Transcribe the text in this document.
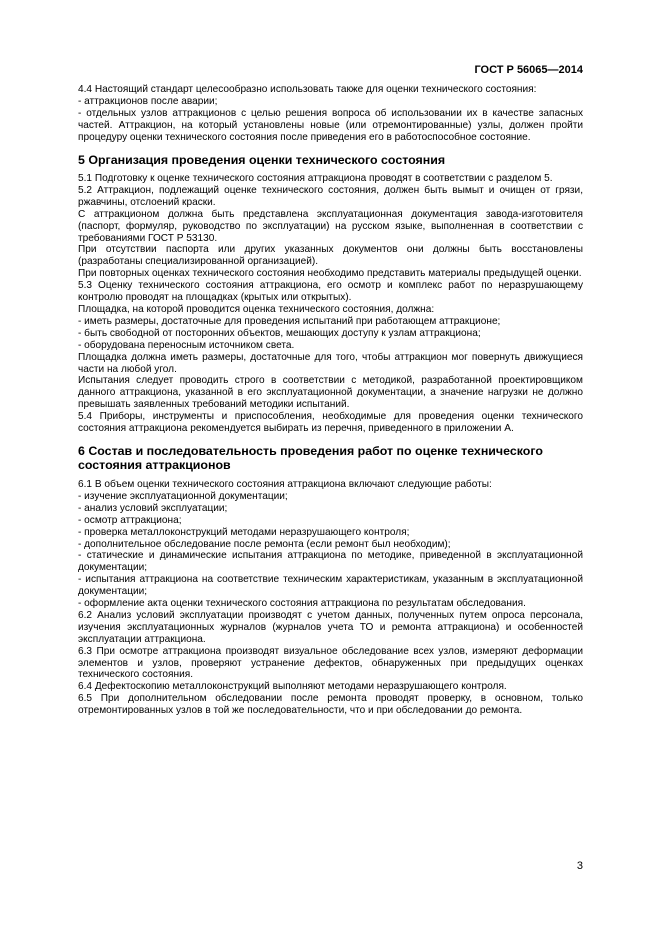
ГОСТ Р 56065—2014

4.4 Настоящий стандарт целесообразно использовать также для оценки технического состояния:

- аттракционов после аварии;

- отдельных узлов аттракционов с целью решения вопроса об использовании их в качестве запасных частей. Аттракцион, на который установлены новые (или отремонтированные) узлы, должен пройти процедуру оценки технического состояния после приведения его в работоспособное состояние.

5 Организация проведения оценки технического состояния

5.1 Подготовку к оценке технического состояния аттракциона проводят в соответствии с разделом 5.

5.2 Аттракцион, подлежащий оценке технического состояния, должен быть вымыт и очищен от грязи, ржавчины, отслоений краски.

С аттракционом должна быть представлена эксплуатационная документация завода-изготовителя (паспорт, формуляр, руководство по эксплуатации) на русском языке, выполненная в соответствии с требованиями ГОСТ Р 53130.

При отсутствии паспорта или других указанных документов они должны быть восстановлены (разработаны специализированной организацией).

При повторных оценках технического состояния необходимо представить материалы предыдущей оценки.

5.3 Оценку технического состояния аттракциона, его осмотр и комплекс работ по неразрушающему контролю проводят на площадках (крытых или открытых).

Площадка, на которой проводится оценка технического состояния, должна:

- иметь размеры, достаточные для проведения испытаний при работающем аттракционе;

- быть свободной от посторонних объектов, мешающих доступу к узлам аттракциона;

- оборудована переносным источником света.

Площадка должна иметь размеры, достаточные для того, чтобы аттракцион мог повернуть движущиеся части на любой угол.

Испытания следует проводить строго в соответствии с методикой, разработанной проектировщиком данного аттракциона, указанной в его эксплуатационной документации, а значение нагрузки не должно превышать заявленных требований методики испытаний.

5.4 Приборы, инструменты и приспособления, необходимые для проведения оценки технического состояния аттракциона рекомендуется выбирать из перечня, приведенного в приложении А.

6 Состав и последовательность проведения работ по оценке технического состояния аттракционов

6.1 В объем оценки технического состояния аттракциона включают следующие работы:

- изучение эксплуатационной документации;

- анализ условий эксплуатации;

- осмотр аттракциона;

- проверка металлоконструкций методами неразрушающего контроля;

- дополнительное обследование после ремонта (если ремонт был необходим);

- статические и динамические испытания аттракциона по методике, приведенной в эксплуатационной документации;

- испытания аттракциона на соответствие техническим характеристикам, указанным в эксплуатационной документации;

- оформление акта оценки технического состояния аттракциона по результатам обследования.

6.2 Анализ условий эксплуатации производят с учетом данных, полученных путем опроса персонала, изучения эксплуатационных журналов (журналов учета ТО и ремонта аттракциона) и особенностей эксплуатации аттракциона.

6.3 При осмотре аттракциона производят визуальное обследование всех узлов, измеряют деформации элементов и узлов, проверяют устранение дефектов, обнаруженных при предыдущих оценках технического состояния.

6.4 Дефектоскопию металлоконструкций выполняют методами неразрушающего контроля.

6.5 При дополнительном обследовании после ремонта проводят проверку, в основном, только отремонтированных узлов в той же последовательности, что и при обследовании до ремонта.

3
